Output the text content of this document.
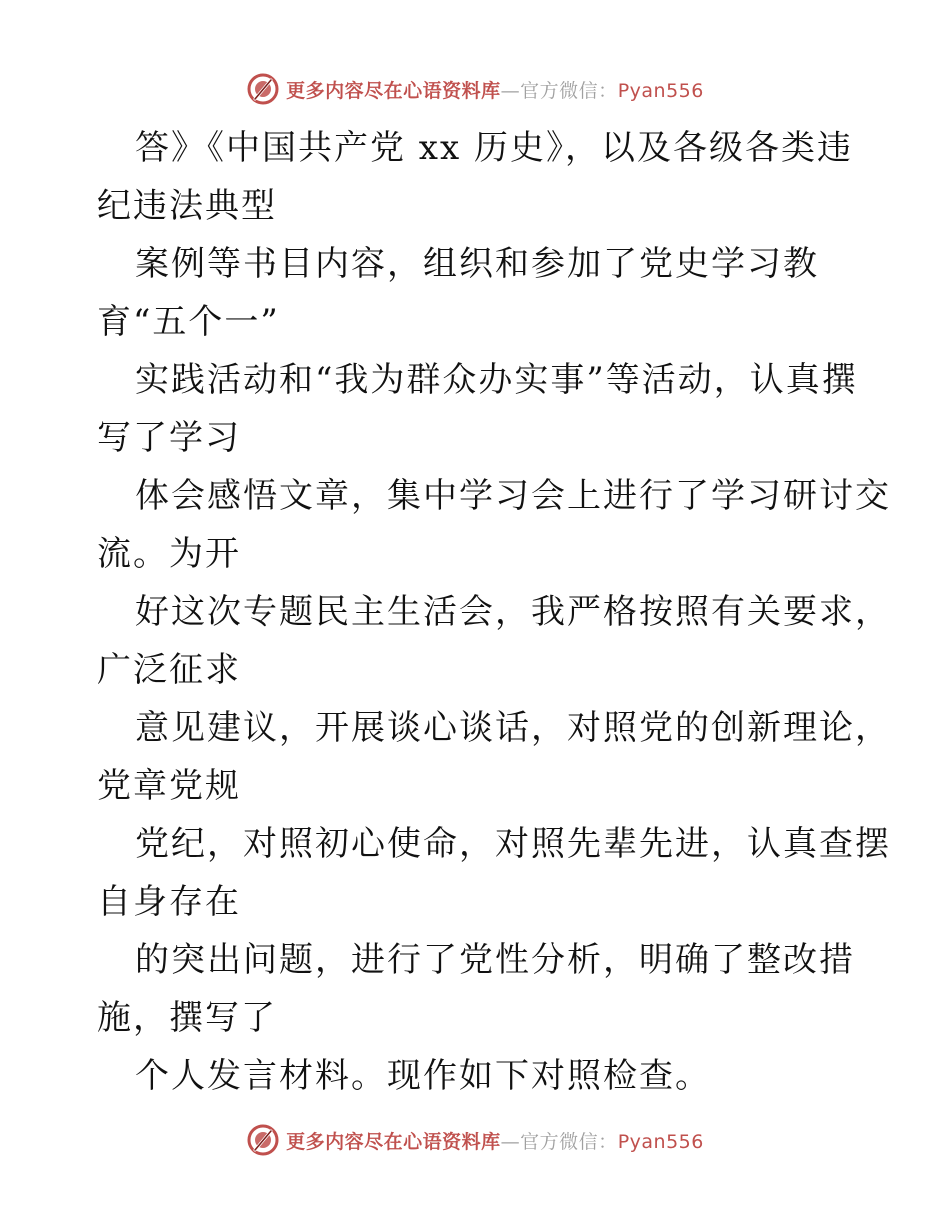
更多内容尽在心语资料库—官方微信：Pyan556
答》《中国共产党 xx 历史》，以及各级各类违
纪违法典型
案例等书目内容，组织和参加了党史学习教
育“五个一”
实践活动和“我为群众办实事”等活动，认真撰
写了学习
体会感悟文章，集中学习会上进行了学习研讨交
流。为开
好这次专题民主生活会，我严格按照有关要求，
广泛征求
意见建议，开展谈心谈话，对照党的创新理论，
党章党规
党纪，对照初心使命，对照先辈先进，认真查摆
自身存在
的突出问题，进行了党性分析，明确了整改措
施，撰写了
个人发言材料。现作如下对照检查。
更多内容尽在心语资料库—官方微信：Pyan556
